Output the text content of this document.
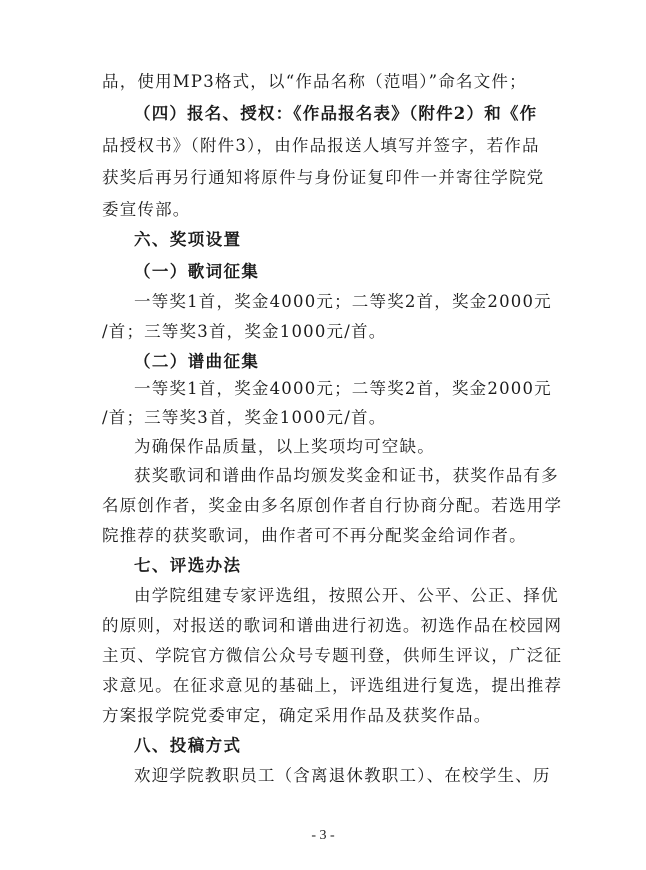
品，使用MP3格式，以“作品名称（范唱）”命名文件；
（四）报名、授权：《作品报名表》（附件2）和《作
品授权书》（附件3），由作品报送人填写并签字，若作品
获奖后再另行通知将原件与身份证复印件一并寄往学院党
委宣传部。
六、奖项设置
（一）歌词征集
一等奖1首，奖金4000元；二等奖2首，奖金2000元
/首；三等奖3首，奖金1000元/首。
（二）谱曲征集
一等奖1首，奖金4000元；二等奖2首，奖金2000元
/首；三等奖3首，奖金1000元/首。
为确保作品质量，以上奖项均可空缺。
获奖歌词和谱曲作品均颁发奖金和证书，获奖作品有多
名原创作者，奖金由多名原创作者自行协商分配。若选用学
院推荐的获奖歌词，曲作者可不再分配奖金给词作者。
七、评选办法
由学院组建专家评选组，按照公开、公平、公正、择优
的原则，对报送的歌词和谱曲进行初选。初选作品在校园网
主页、学院官方微信公众号专题刊登，供师生评议，广泛征
求意见。在征求意见的基础上，评选组进行复选，提出推荐
方案报学院党委审定，确定采用作品及获奖作品。
八、投稿方式
欢迎学院教职员工（含离退休教职工）、在校学生、历
- 3 -
